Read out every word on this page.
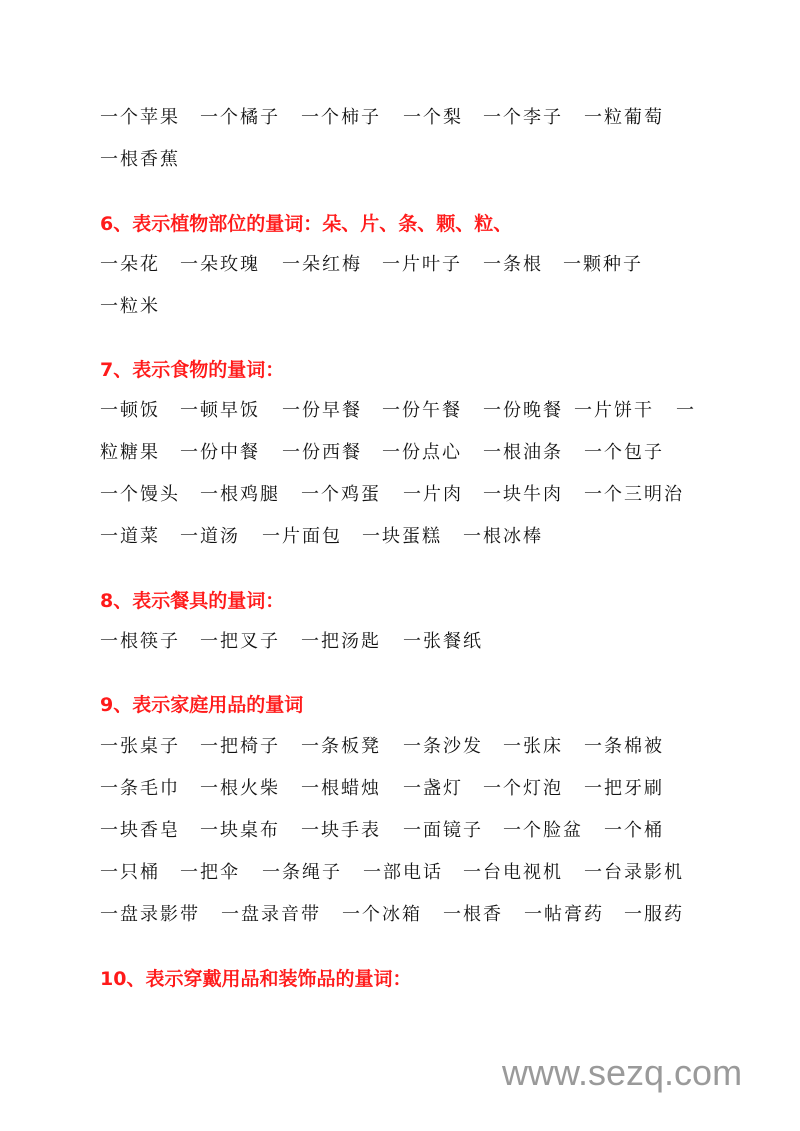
一个苹果 一个橘子 一个柿子 一个梨 一个李子 一粒葡萄
一根香蕉
6、表示植物部位的量词：朵、片、条、颗、粒、
一朵花 一朵玫瑰 一朵红梅 一片叶子 一条根 一颗种子
一粒米
7、表示食物的量词：
一顿饭 一顿早饭 一份早餐 一份午餐 一份晚餐 一片饼干 一
粒糖果 一份中餐 一份西餐 一份点心 一根油条 一个包子
一个馒头 一根鸡腿 一个鸡蛋 一片肉 一块牛肉 一个三明治
一道菜 一道汤 一片面包 一块蛋糕 一根冰棒
8、表示餐具的量词：
一根筷子 一把叉子 一把汤匙 一张餐纸
9、表示家庭用品的量词
一张桌子 一把椅子 一条板凳 一条沙发 一张床 一条棉被
一条毛巾 一根火柴 一根蜡烛 一盏灯 一个灯泡 一把牙刷
一块香皂 一块桌布 一块手表 一面镜子 一个脸盆 一个桶
一只桶 一把伞 一条绳子 一部电话 一台电视机 一台录影机
一盘录影带 一盘录音带 一个冰箱 一根香 一帖膏药 一服药
10、表示穿戴用品和装饰品的量词：
www.sezq.com
